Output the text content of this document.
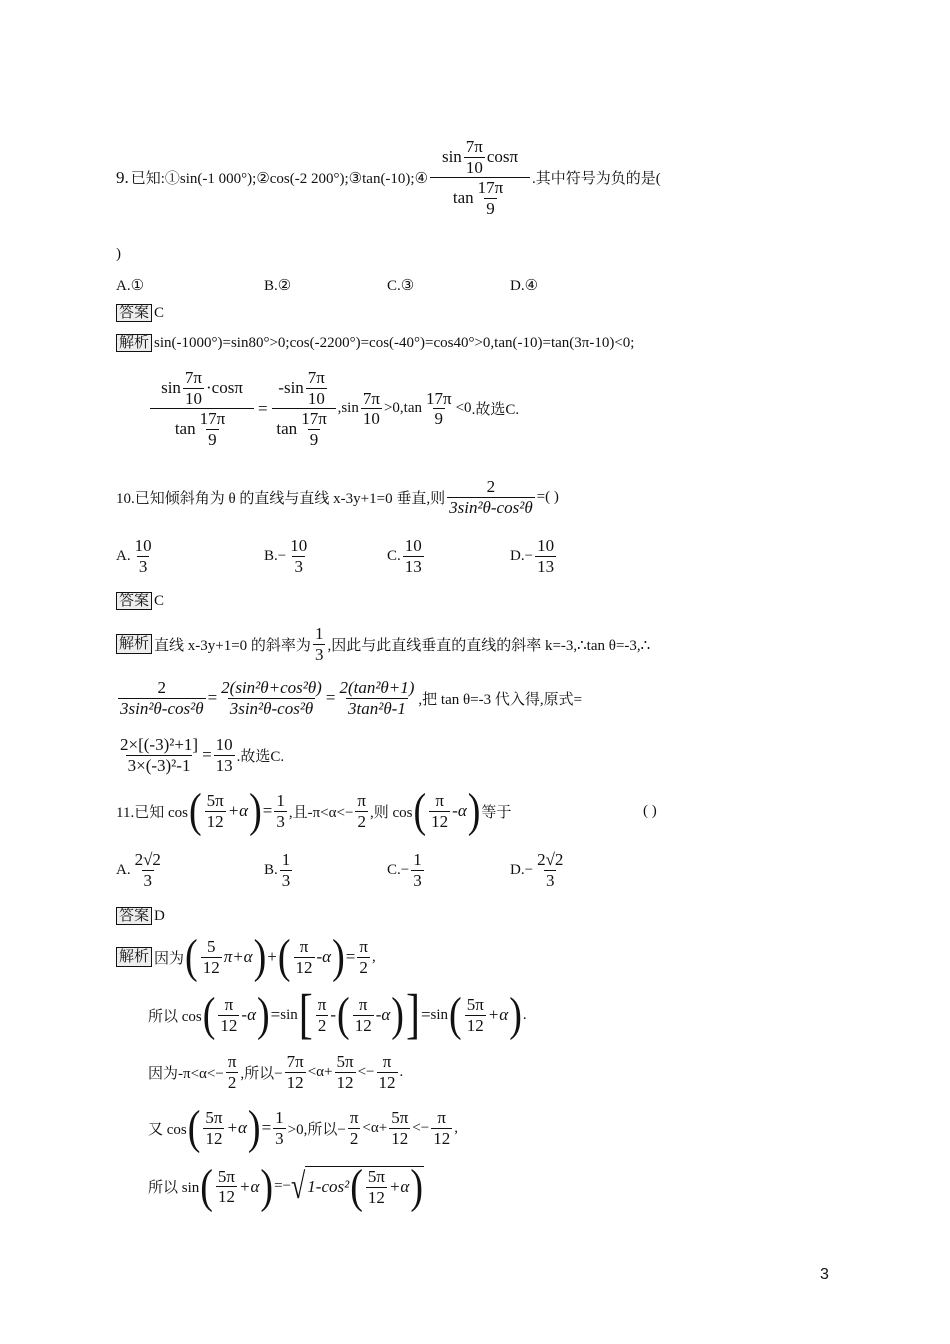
9. 已知:①sin(-1 000°);②cos(-2 200°);③tan(-10);④ $\frac{\sin \frac{7\pi}{10} \cos\pi}{\tan \frac{17\pi}{9}}$ .其中符号为负的是(
)
A.①	B.②	C.③	D.④
答案 C
解析 sin(-1000°)=sin80°>0;cos(-2200°)=cos(-40°)=cos40°>0,tan(-10)=tan(3π-10)<0;
$\frac{\sin \frac{7\pi}{10} \cdot\cos\pi}{\tan \frac{17\pi}{9}} = \frac{-\sin \frac{7\pi}{10}}{\tan \frac{17\pi}{9}} ,\sin \frac{7\pi}{10} >0$, $\tan \frac{17\pi}{9} <0$ .故选C.
10.已知倾斜角为 θ 的直线与直线 x-3y+1=0 垂直,则 $\frac{2}{\text{3sin²θ-cos²θ}}$ =( )
A. $\frac{10}{3}$	B. − $\frac{10}{3}$	C. $\frac{10}{13}$	D. − $\frac{10}{13}$
答案 C
解析 直线 x-3y+1=0 的斜率为 $\frac{1}{3}$ ,因此与此直线垂直的直线的斜率 k=-3,∴tan θ=-3,∴
$\frac{2}{\text{3sin²θ-cos²θ}} = \frac{\text{2(sin²θ+cos²θ)}}{\text{3sin²θ-cos²θ}} = \frac{\text{2(tan²θ+1)}}{\text{3tan²θ-1}}$ ,把 tan θ=-3 代入得,原式=
$\frac{\text{2×[(-3)²+1]}}{\text{3×(-3)²-1}} = \frac{10}{13}$ .故选C.
11.已知 cos ( $\frac{5\pi}{12} +\alpha$ ) = $\frac{1}{3}$ ,且$-\pi<\alpha<- \frac{\pi}{2}$ ,则 cos ( $\frac{\pi}{12} -\alpha$ ) 等于	( )
A. $\frac{2√2}{3}$	B. $\frac{1}{3}$	C. − $\frac{1}{3}$	D. − $\frac{2√2}{3}$
答案 D
解析 因为 ( $\frac{5}{12} \pi+\alpha$ ) + ( $\frac{\pi}{12} -\alpha$ ) = $\frac{\pi}{2}$ ,
所以 cos ( $\frac{\pi}{12} -\alpha$ ) = sin [ $\frac{\pi}{2}$ - ( $\frac{\pi}{12} -\alpha$ ) ] = sin ( $\frac{5\pi}{12} +\alpha$ ) .
因为$-\pi<\alpha<- \frac{\pi}{2}$ ,所以− $\frac{7\pi}{12} <\alpha+ \frac{5\pi}{12} <- \frac{\pi}{12}$ .
又 cos ( $\frac{5\pi}{12} +\alpha$ ) = $\frac{1}{3} >0$,所以− $\frac{\pi}{2} <\alpha+ \frac{5\pi}{12} <- \frac{\pi}{12}$ ,
所以 sin ( $\frac{5\pi}{12} +\alpha$ ) =− √ 1-cos² ( $\frac{5\pi}{12} +\alpha$ )
3
